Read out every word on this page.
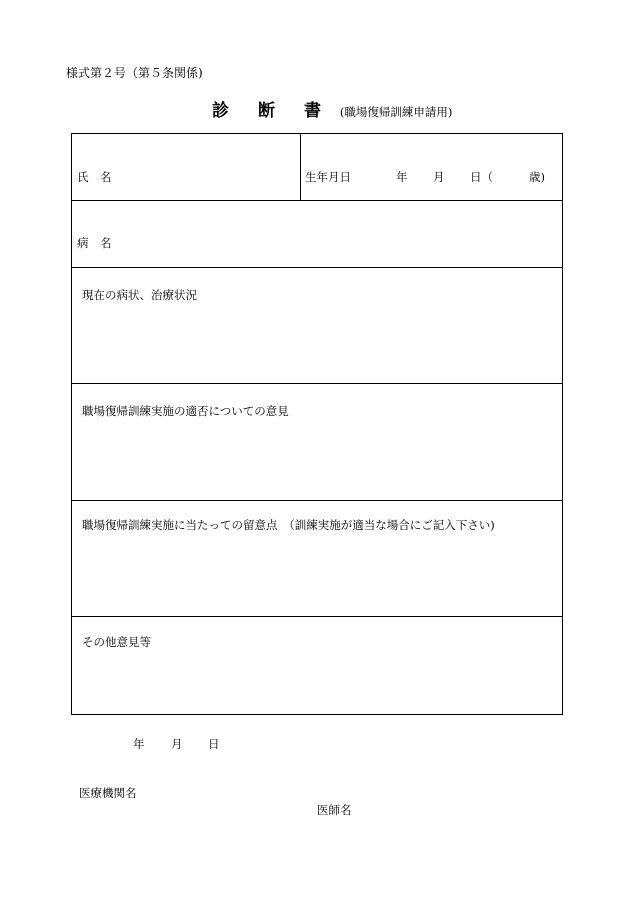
様式第２号（第５条関係)
診 断 書 (職場復帰訓練申請用)
氏　名	生年月日	年 月 日（	歳)
病　名
現在の病状、治療状況
職場復帰訓練実施の適否についての意見
職場復帰訓練実施に当たっての留意点　（訓練実施が適当な場合にご記入下さい)
その他意見等
年 月 日
医療機関名
医師名
